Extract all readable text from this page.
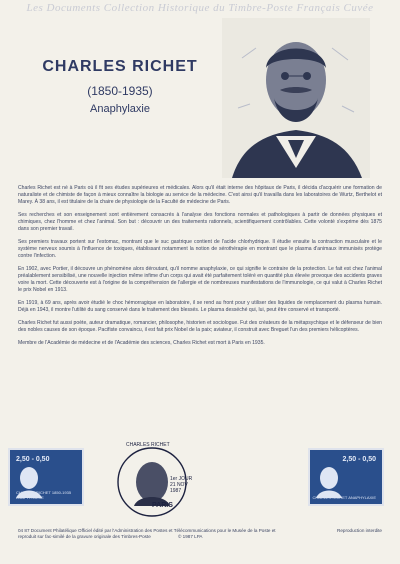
Les Documents Collection Historique du Timbre-Poste Français Cuvée
CHARLES RICHET
(1850-1935)
Anaphylaxie

Charles Richet est né à Paris où il fit ses études supérieures et médicales. Alors qu'il était interne des hôpitaux de Paris, il décida d'acquérir une formation de naturaliste et de chimiste de façon à mieux connaître la biologie au service de la médecine. C'est ainsi qu'il travailla dans les laboratoires de Wurtz, Berthelot et Marey. À 38 ans, il est titulaire de la chaire de physiologie de la Faculté de médecine de Paris.

Ses recherches et son enseignement sont entièrement consacrés à l'analyse des fonctions normales et pathologiques à partir de données physiques et chimiques, chez l'homme et chez l'animal. Son but : découvrir un des traitements rationnels, scientifiquement contrôlables. Cette volonté s'exprime dès 1875 dans son premier travail.

Ses premiers travaux portent sur l'estomac, montrant que le suc gastrique contient de l'acide chlorhydrique. Il étudie ensuite la contraction musculaire et le système nerveux soumis à l'influence de toxiques, établissant notamment la notion de sérothérapie en montrant que le plasma d'animaux immunisés protège contre l'infection.

En 1902, avec Portier, il découvre un phénomène alors déroutant, qu'il nomme anaphylaxie, ce qui signifie le contraire de la protection. Le fait est chez l'animal préalablement sensibilisé, une nouvelle injection même infime d'un corps qui avait été parfaitement toléré en quantité plus élevée provoque des accidents graves voire la mort. Cette découverte est à l'origine de la compréhension de l'allergie et de nombreuses manifestations de l'immunologie, ce qui valut à Charles Richet le prix Nobel en 1913.

En 1919, à 69 ans, après avoir étudié le choc hémorragique en laboratoire, il se rend au front pour y utiliser des liquides de remplacement du plasma humain. Déjà en 1943, il montre l'utilité du sang conservé dans le traitement des blessés. Le plasma desséché qui, lui, peut être conservé et transporté.

Charles Richet fut aussi poète, auteur dramatique, romancier, philosophe, historien et sociologue. Fut des créateurs de la métapsychique et le défenseur de bien des nobles causes de son époque. Pacifiste convaincu, il est fait prix Nobel de la paix; aviateur, il construit avec Breguet l'un des premiers hélicoptères.

Membre de l'Académie de médecine et de l'Académie des sciences, Charles Richet est mort à Paris en 1935.

2,50 - 0,50
CHARLES RICHET 1850-1935 ANAPHYLAXIE
CHARLES RICHET
1er JOUR 21 NOV 1987
PARIS
2,50 - 0,50
CHARLES RICHET ANAPHYLAXIE
04 87 Document Philatélique Officiel édité par l'Administration des Postes et Télécommunications pour le Musée de la Poste et reproduit sur fac-similé de la gravure originale des Timbres-Poste	© 1987 LPA
Reproduction interdite
